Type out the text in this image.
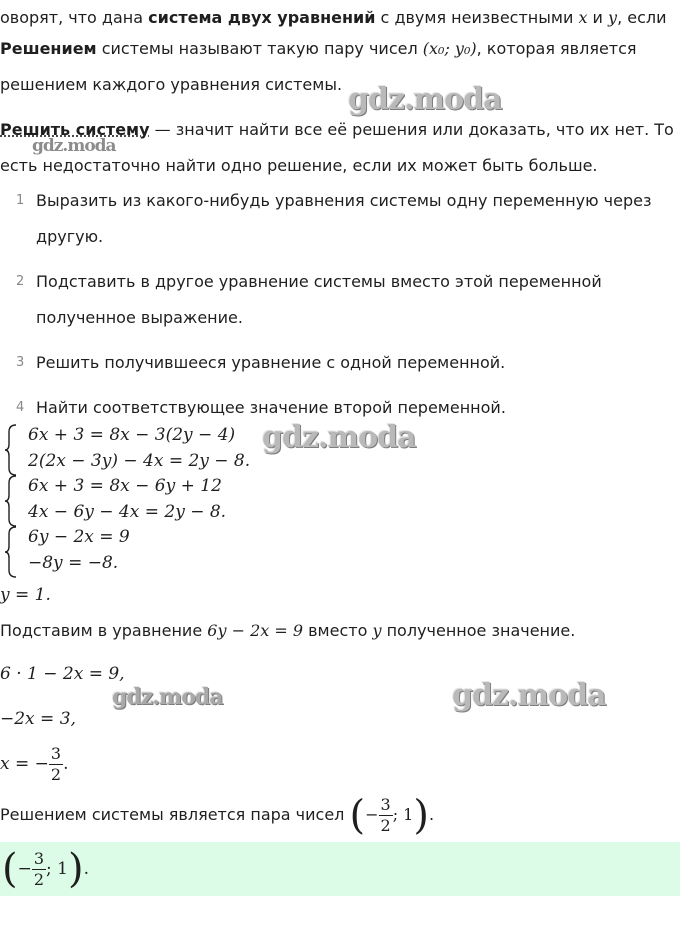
оворят, что дана система двух уравнений с двумя неизвестными x и y, если

Решением системы называют такую пару чисел (x₀; y₀), которая является
решением каждого уравнения системы.

Решить систему — значит найти все её решения или доказать, что их нет. То
есть недостаточно найти одно решение, если их может быть больше.

1 Выразить из какого-нибудь уравнения системы одну переменную через
другую.
2 Подставить в другое уравнение системы вместо этой переменной
полученное выражение.
3 Решить получившееся уравнение с одной переменной.
4 Найти соответствующее значение второй переменной.
6x + 3 = 8x − 3(2y − 4)
2(2x − 3y) − 4x = 2y − 8.
6x + 3 = 8x − 6y + 12
4x − 6y − 4x = 2y − 8.
6y − 2x = 9
−8y = −8.
y = 1.

Подставим в уравнение 6y − 2x = 9 вместо y полученное значение.

6 · 1 − 2x = 9,
−2x = 3,
x = − $\frac{3}{2}$ .
Решением системы является пара чисел (− $\frac{3}{2}$ ; 1).
(− $\frac{3}{2}$ ; 1).
gdz.moda
gdz.moda
gdz.moda
gdz.moda	gdz.moda
